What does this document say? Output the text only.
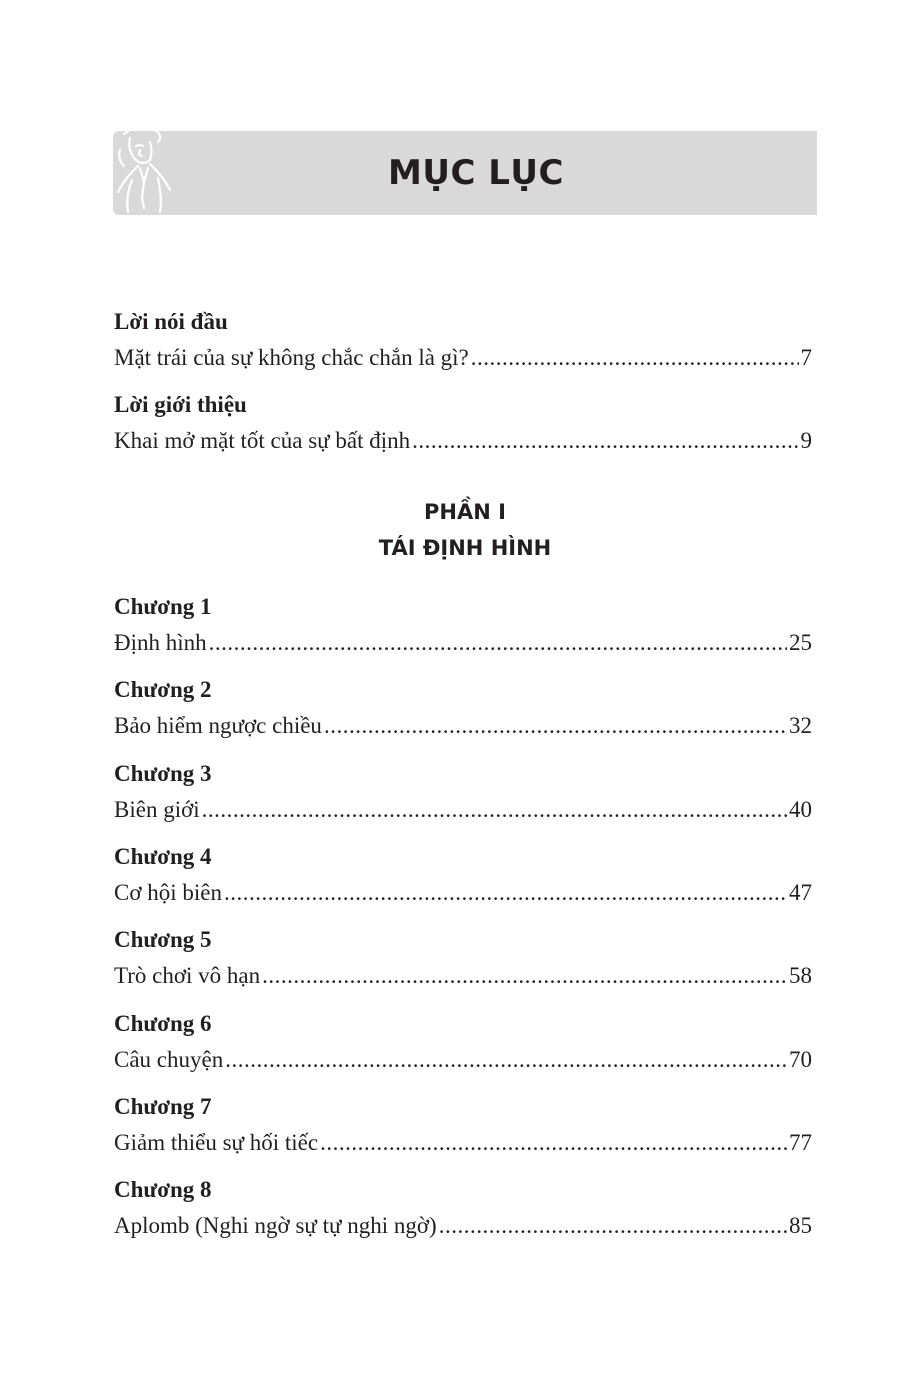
MỤC LỤC
Lời nói đầu
Mặt trái của sự không chắc chắn là gì? .....	7
Lời giới thiệu
Khai mở mặt tốt của sự bất định .....	9
PHẦN I
TÁI ĐỊNH HÌNH
Chương 1
Định hình .....	25
Chương 2
Bảo hiểm ngược chiều .....	32
Chương 3
Biên giới .....	40
Chương 4
Cơ hội biên .....	47
Chương 5
Trò chơi vô hạn .....	58
Chương 6
Câu chuyện .....	70
Chương 7
Giảm thiểu sự hối tiếc .....	77
Chương 8
Aplomb (Nghi ngờ sự tự nghi ngờ) .....	85
